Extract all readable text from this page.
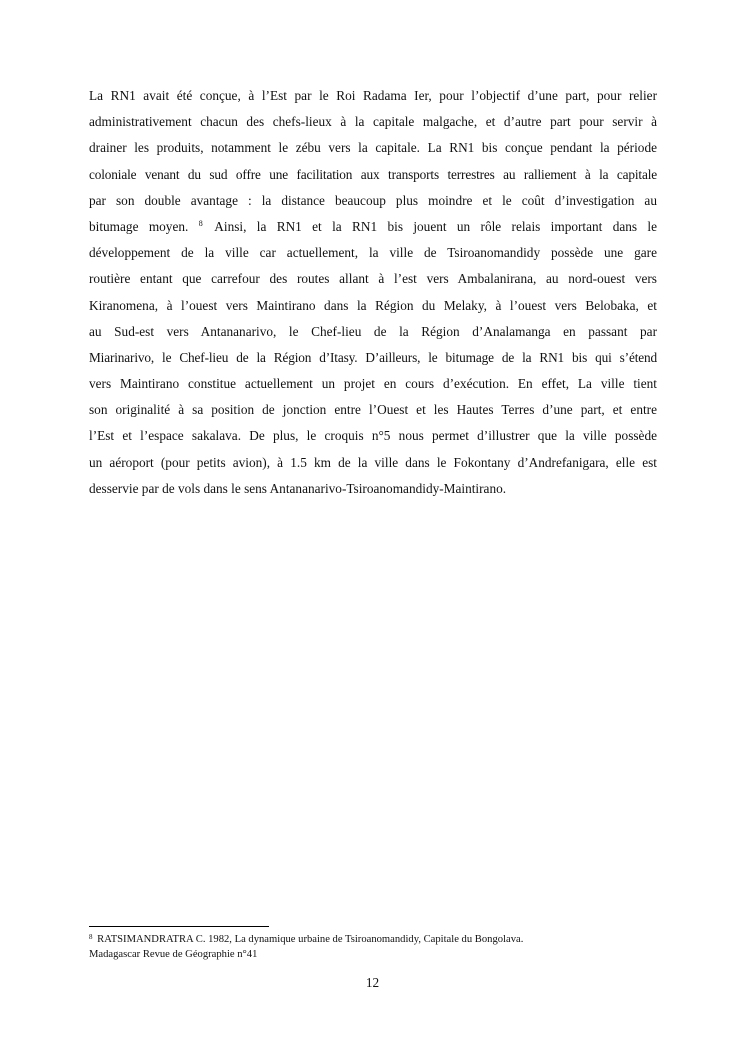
La RN1 avait été conçue, à l’Est par le Roi Radama Ier, pour l’objectif d’une part, pour relier
administrativement chacun des chefs-lieux à la capitale malgache, et d’autre part pour servir à
drainer les produits, notamment le zébu vers la capitale. La RN1 bis conçue pendant la période
coloniale venant du sud offre une facilitation aux transports terrestres au ralliement à la capitale
par son double avantage : la distance beaucoup plus moindre et le coût d’investigation au
bitumage moyen. $^8$ Ainsi, la RN1 et la RN1 bis jouent un rôle relais important dans le
développement de la ville car actuellement, la ville de Tsiroanomandidy possède une gare
routière entant que carrefour des routes allant à l’est vers Ambalanirana, au nord-ouest vers
Kiranomena, à l’ouest vers Maintirano dans la Région du Melaky, à l’ouest vers Belobaka, et
au Sud-est vers Antananarivo, le Chef-lieu de la Région d’Analamanga en passant par
Miarinarivo, le Chef-lieu de la Région d’Itasy. D’ailleurs, le bitumage de la RN1 bis qui s’étend
vers Maintirano constitue actuellement un projet en cours d’exécution. En effet, La ville tient
son originalité à sa position de jonction entre l’Ouest et les Hautes Terres d’une part, et entre
l’Est et l’espace sakalava. De plus, le croquis n°5 nous permet d’illustrer que la ville possède
un aéroport (pour petits avion), à 1.5 km de la ville dans le Fokontany d’Andrefanigara, elle est
desservie par de vols dans le sens Antananarivo-Tsiroanomandidy-Maintirano.
$^8$ RATSIMANDRATRA C. 1982, La dynamique urbaine de Tsiroanomandidy, Capitale du Bongolava.
Madagascar Revue de Géographie n°41
12
